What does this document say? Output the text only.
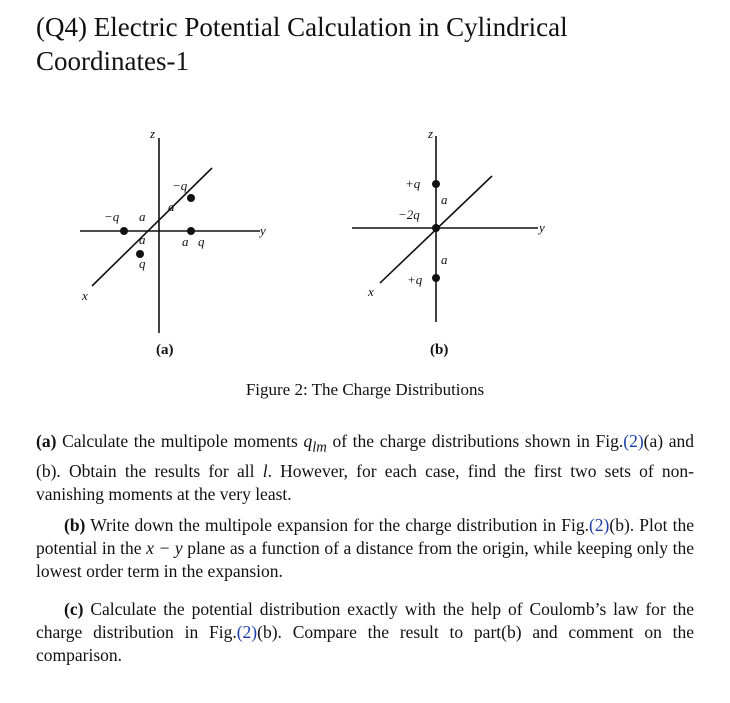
(Q4) Electric Potential Calculation in Cylindrical Coordinates-1
z
y
x
−q a
−q
a
a q
a
q
z
y
x
+q
a
−2q
a
+q
(a)	(b)
Figure 2: The Charge Distributions

(a) Calculate the multipole moments $q_{lm}$ of the charge distributions shown in Fig.(2)(a) and (b). Obtain the results for all l. However, for each case, find the first two sets of non-vanishing moments at the very least.

(b) Write down the multipole expansion for the charge distribution in Fig.(2)(b). Plot the potential in the x − y plane as a function of a distance from the origin, while keeping only the lowest order term in the expansion.

(c) Calculate the potential distribution exactly with the help of Coulomb’s law for the charge distribution in Fig.(2)(b). Compare the result to part(b) and comment on the comparison.
